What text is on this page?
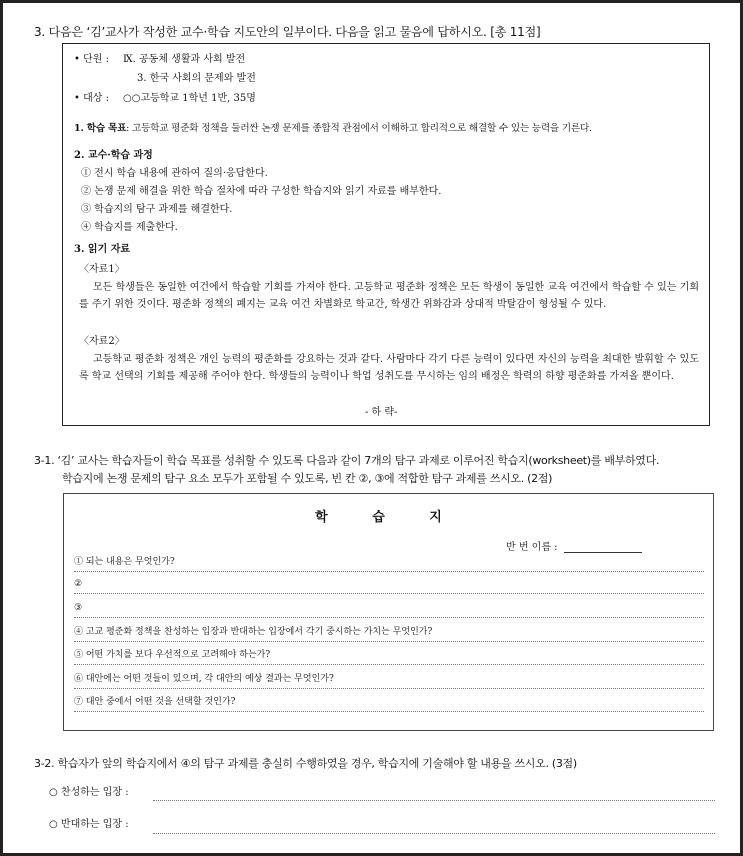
3. 다음은 ‘김’교사가 작성한 교수·학습 지도안의 일부이다. 다음을 읽고 물음에 답하시오. [총 11점]
• 단원 : Ⅸ. 공동체 생활과 사회 발전
3. 한국 사회의 문제와 발전
• 대상 : ○○고등학교 1학년 1반, 35명
1. 학습 목표: 고등학교 평준화 정책을 둘러싼 논쟁 문제를 종합적 관점에서 이해하고 합리적으로 해결할 수 있는 능력을 기른다.
2. 교수·학습 과정
① 전시 학습 내용에 관하여 질의·응답한다.
② 논쟁 문제 해결을 위한 학습 절차에 따라 구성한 학습지와 읽기 자료를 배부한다.
③ 학습지의 탐구 과제를 해결한다.
④ 학습지를 제출한다.
3. 읽기 자료
〈자료1〉
모든 학생들은 동일한 여건에서 학습할 기회를 가져야 한다. 고등학교 평준화 정책은 모든 학생이 동일한 교육 여건에서 학습할 수 있는 기회를 주기 위한 것이다. 평준화 정책의 폐지는 교육 여건 차별화로 학교간, 학생간 위화감과 상대적 박탈감이 형성될 수 있다.
〈자료2〉
고등학교 평준화 정책은 개인 능력의 평준화를 강요하는 것과 같다. 사람마다 각기 다른 능력이 있다면 자신의 능력을 최대한 발휘할 수 있도록 학교 선택의 기회를 제공해 주어야 한다. 학생들의 능력이나 학업 성취도를 무시하는 임의 배정은 학력의 하향 평준화를 가져올 뿐이다.
- 하 략-
3-1. ‘김’ 교사는 학습자들이 학습 목표를 성취할 수 있도록 다음과 같이 7개의 탐구 과제로 이루어진 학습지(worksheet)를 배부하였다.
학습지에 논쟁 문제의 탐구 요소 모두가 포함될 수 있도록, 빈 칸 ②, ③에 적합한 탐구 과제를 쓰시오. (2점)
학 습 지
반 번 이름 :
① 되는 내용은 무엇인가?
②
③
④ 고교 평준화 정책을 찬성하는 입장과 반대하는 입장에서 각기 중시하는 가치는 무엇인가?
⑤ 어떤 가치를 보다 우선적으로 고려해야 하는가?
⑥ 대안에는 어떤 것들이 있으며, 각 대안의 예상 결과는 무엇인가?
⑦ 대안 중에서 어떤 것을 선택할 것인가?
3-2. 학습자가 앞의 학습지에서 ④의 탐구 과제를 충실히 수행하였을 경우, 학습지에 기술해야 할 내용을 쓰시오. (3점)
○ 찬성하는 입장 :
○ 반대하는 입장 :
